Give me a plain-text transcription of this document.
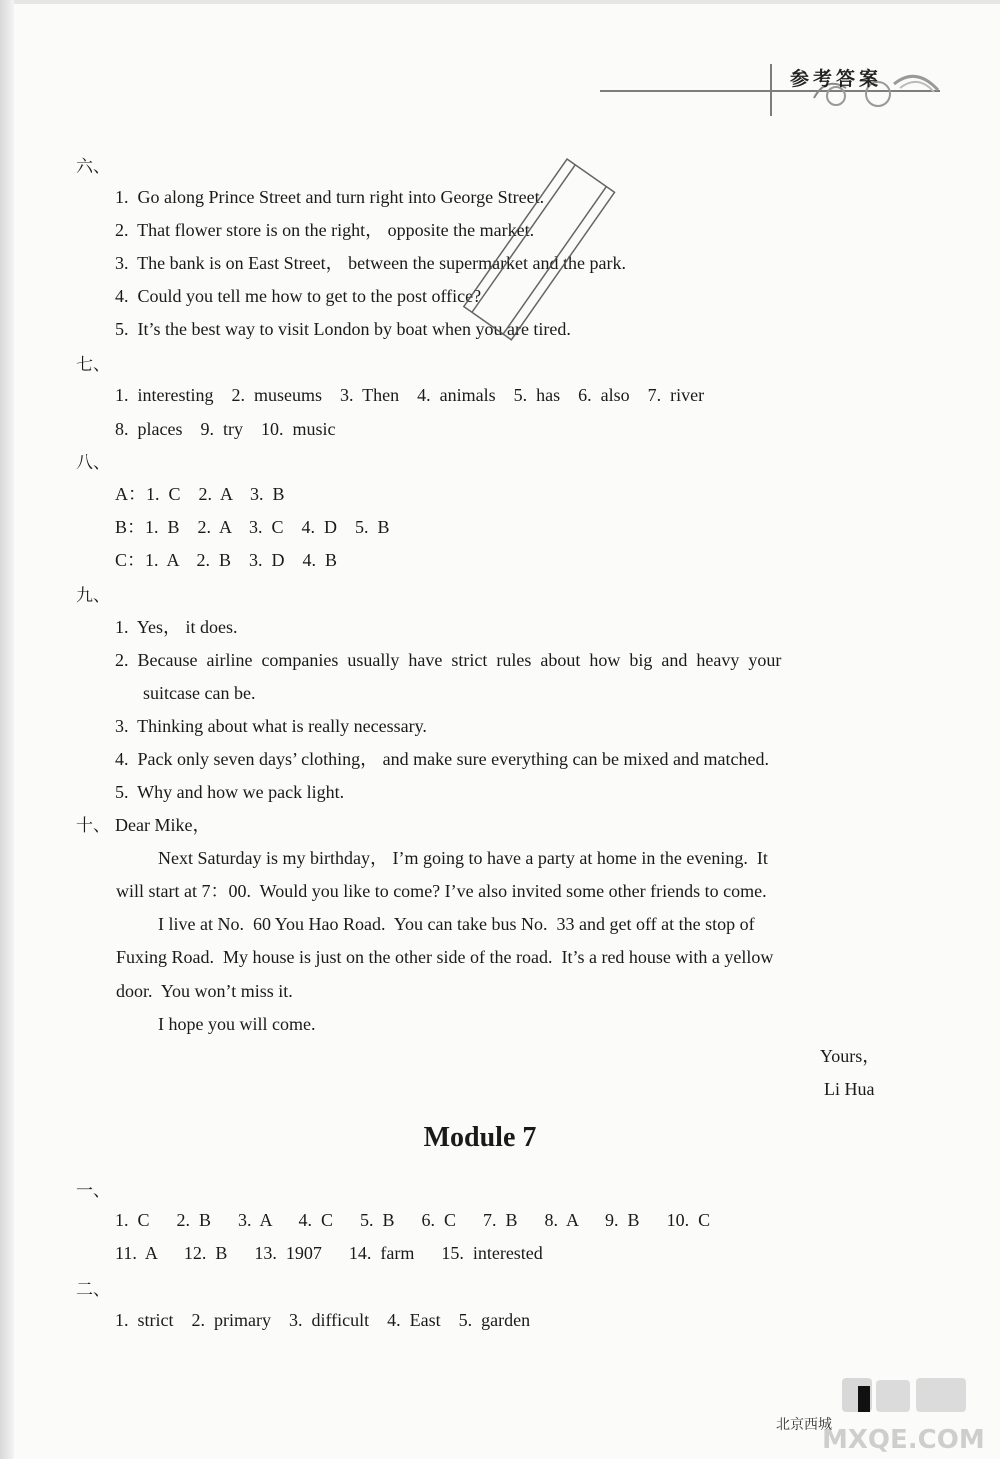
参考答案
六、
1.  Go along Prince Street and turn right into George Street.
2.  That flower store is on the right， opposite the market.
3.  The bank is on East Street， between the supermarket and the park.
4.  Could you tell me how to get to the post office?
5.  It’s the best way to visit London by boat when you are tired.
七、
1.  interesting    2.  museums    3.  Then    4.  animals    5.  has    6.  also    7.  river
8.  places    9.  try    10.  music
八、
A：1.  C    2.  A    3.  B
B：1.  B    2.  A    3.  C    4.  D    5.  B
C：1.  A    2.  B    3.  D    4.  B
九、
1.  Yes， it does.
2.  Because  airline  companies  usually  have  strict  rules  about  how  big  and  heavy  your
suitcase can be.
3.  Thinking about what is really necessary.
4.  Pack only seven days’ clothing， and make sure everything can be mixed and matched.
5.  Why and how we pack light.
十、 Dear Mike，
Next Saturday is my birthday， I’m going to have a party at home in the evening.  It
will start at 7：00.  Would you like to come? I’ve also invited some other friends to come.
I live at No.  60 You Hao Road.  You can take bus No.  33 and get off at the stop of
Fuxing Road.  My house is just on the other side of the road.  It’s a red house with a yellow
door.  You won’t miss it.
I hope you will come.
Yours，
Li Hua
Module 7
一、
1.  C      2.  B      3.  A      4.  C      5.  B      6.  C      7.  B      8.  A      9.  B      10.  C
11.  A      12.  B      13.  1907      14.  farm      15.  interested
二、
1.  strict    2.  primary    3.  difficult    4.  East    5.  garden
北京西城
MXQE.COM
